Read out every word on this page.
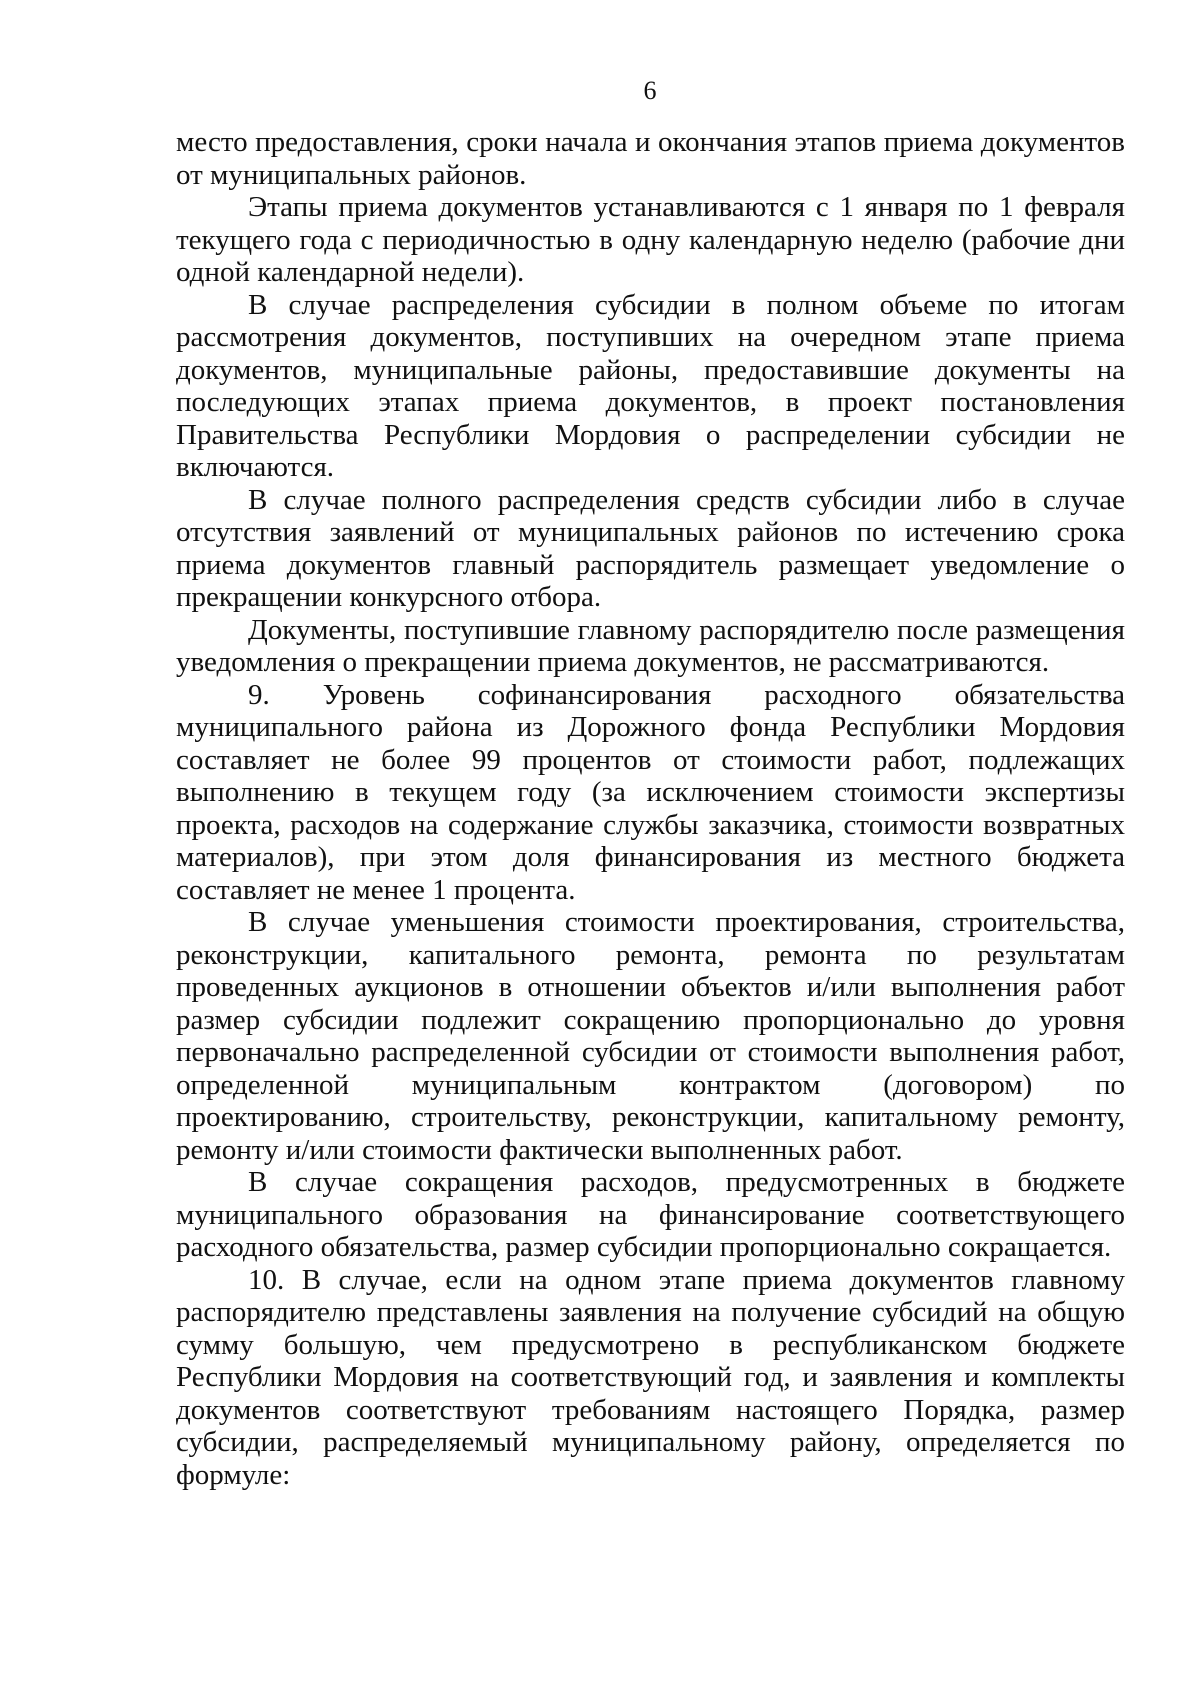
6

место предоставления, сроки начала и окончания этапов приема документов от муниципальных районов.

Этапы приема документов устанавливаются с 1 января по 1 февраля текущего года с периодичностью в одну календарную неделю (рабочие дни одной календарной недели).

В случае распределения субсидии в полном объеме по итогам рассмотрения документов, поступивших на очередном этапе приема документов, муниципальные районы, предоставившие документы на последующих этапах приема документов, в проект постановления Правительства Республики Мордовия о распределении субсидии не включаются.

В случае полного распределения средств субсидии либо в случае отсутствия заявлений от муниципальных районов по истечению срока приема документов главный распорядитель размещает уведомление о прекращении конкурсного отбора.

Документы, поступившие главному распорядителю после размещения уведомления о прекращении приема документов, не рассматриваются.

9. Уровень софинансирования расходного обязательства муниципального района из Дорожного фонда Республики Мордовия составляет не более 99 процентов от стоимости работ, подлежащих выполнению в текущем году (за исключением стоимости экспертизы проекта, расходов на содержание службы заказчика, стоимости возвратных материалов), при этом доля финансирования из местного бюджета составляет не менее 1 процента.

В случае уменьшения стоимости проектирования, строительства, реконструкции, капитального ремонта, ремонта по результатам проведенных аукционов в отношении объектов и/или выполнения работ размер субсидии подлежит сокращению пропорционально до уровня первоначально распределенной субсидии от стоимости выполнения работ, определенной муниципальным контрактом (договором) по проектированию, строительству, реконструкции, капитальному ремонту, ремонту и/или стоимости фактически выполненных работ.

В случае сокращения расходов, предусмотренных в бюджете муниципального образования на финансирование соответствующего расходного обязательства, размер субсидии пропорционально сокращается.

10. В случае, если на одном этапе приема документов главному распорядителю представлены заявления на получение субсидий на общую сумму большую, чем предусмотрено в республиканском бюджете Республики Мордовия на соответствующий год, и заявления и комплекты документов соответствуют требованиям настоящего Порядка, размер субсидии, распределяемый муниципальному району, определяется по формуле:
